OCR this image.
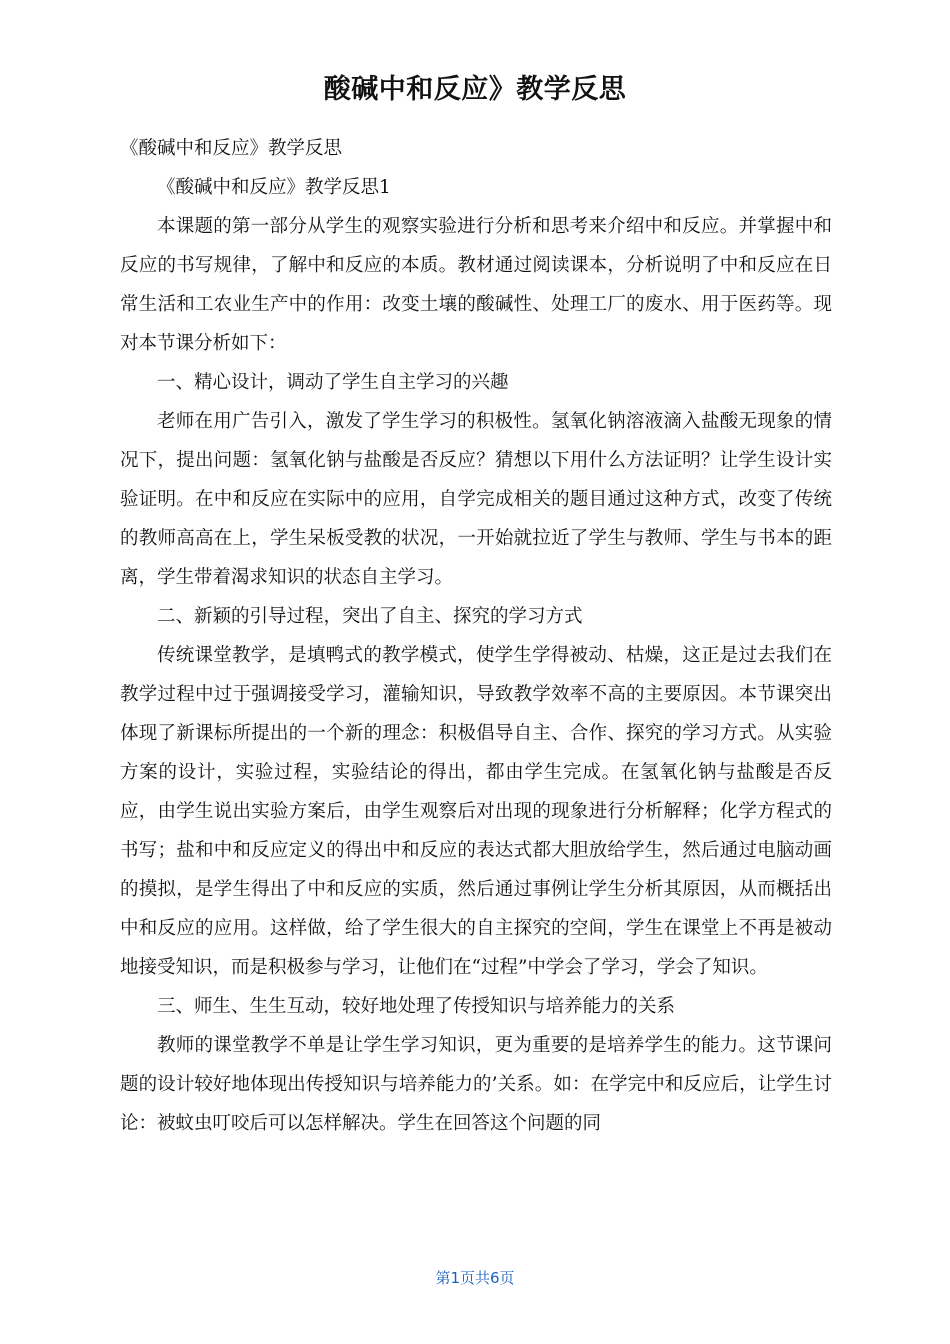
酸碱中和反应》教学反思

《酸碱中和反应》教学反思

《酸碱中和反应》教学反思1

本课题的第一部分从学生的观察实验进行分析和思考来介绍中和反应。并掌握中和反应的书写规律，了解中和反应的本质。教材通过阅读课本，分析说明了中和反应在日常生活和工农业生产中的作用：改变土壤的酸碱性、处理工厂的废水、用于医药等。现对本节课分析如下：

一、精心设计，调动了学生自主学习的兴趣

老师在用广告引入，激发了学生学习的积极性。氢氧化钠溶液滴入盐酸无现象的情况下，提出问题：氢氧化钠与盐酸是否反应？猜想以下用什么方法证明？让学生设计实验证明。在中和反应在实际中的应用，自学完成相关的题目通过这种方式，改变了传统的教师高高在上，学生呆板受教的状况，一开始就拉近了学生与教师、学生与书本的距离，学生带着渴求知识的状态自主学习。

二、新颖的引导过程，突出了自主、探究的学习方式

传统课堂教学，是填鸭式的教学模式，使学生学得被动、枯燥，这正是过去我们在教学过程中过于强调接受学习，灌输知识，导致教学效率不高的主要原因。本节课突出体现了新课标所提出的一个新的理念：积极倡导自主、合作、探究的学习方式。从实验方案的设计，实验过程，实验结论的得出，都由学生完成。在氢氧化钠与盐酸是否反应，由学生说出实验方案后，由学生观察后对出现的现象进行分析解释；化学方程式的书写；盐和中和反应定义的得出中和反应的表达式都大胆放给学生，然后通过电脑动画的摸拟，是学生得出了中和反应的实质，然后通过事例让学生分析其原因，从而概括出中和反应的应用。这样做，给了学生很大的自主探究的空间，学生在课堂上不再是被动地接受知识，而是积极参与学习，让他们在“过程”中学会了学习，学会了知识。

三、师生、生生互动，较好地处理了传授知识与培养能力的关系

教师的课堂教学不单是让学生学习知识，更为重要的是培养学生的能力。这节课问题的设计较好地体现出传授知识与培养能力的’关系。如：在学完中和反应后，让学生讨论：被蚊虫叮咬后可以怎样解决。学生在回答这个问题的同

第1页共6页
